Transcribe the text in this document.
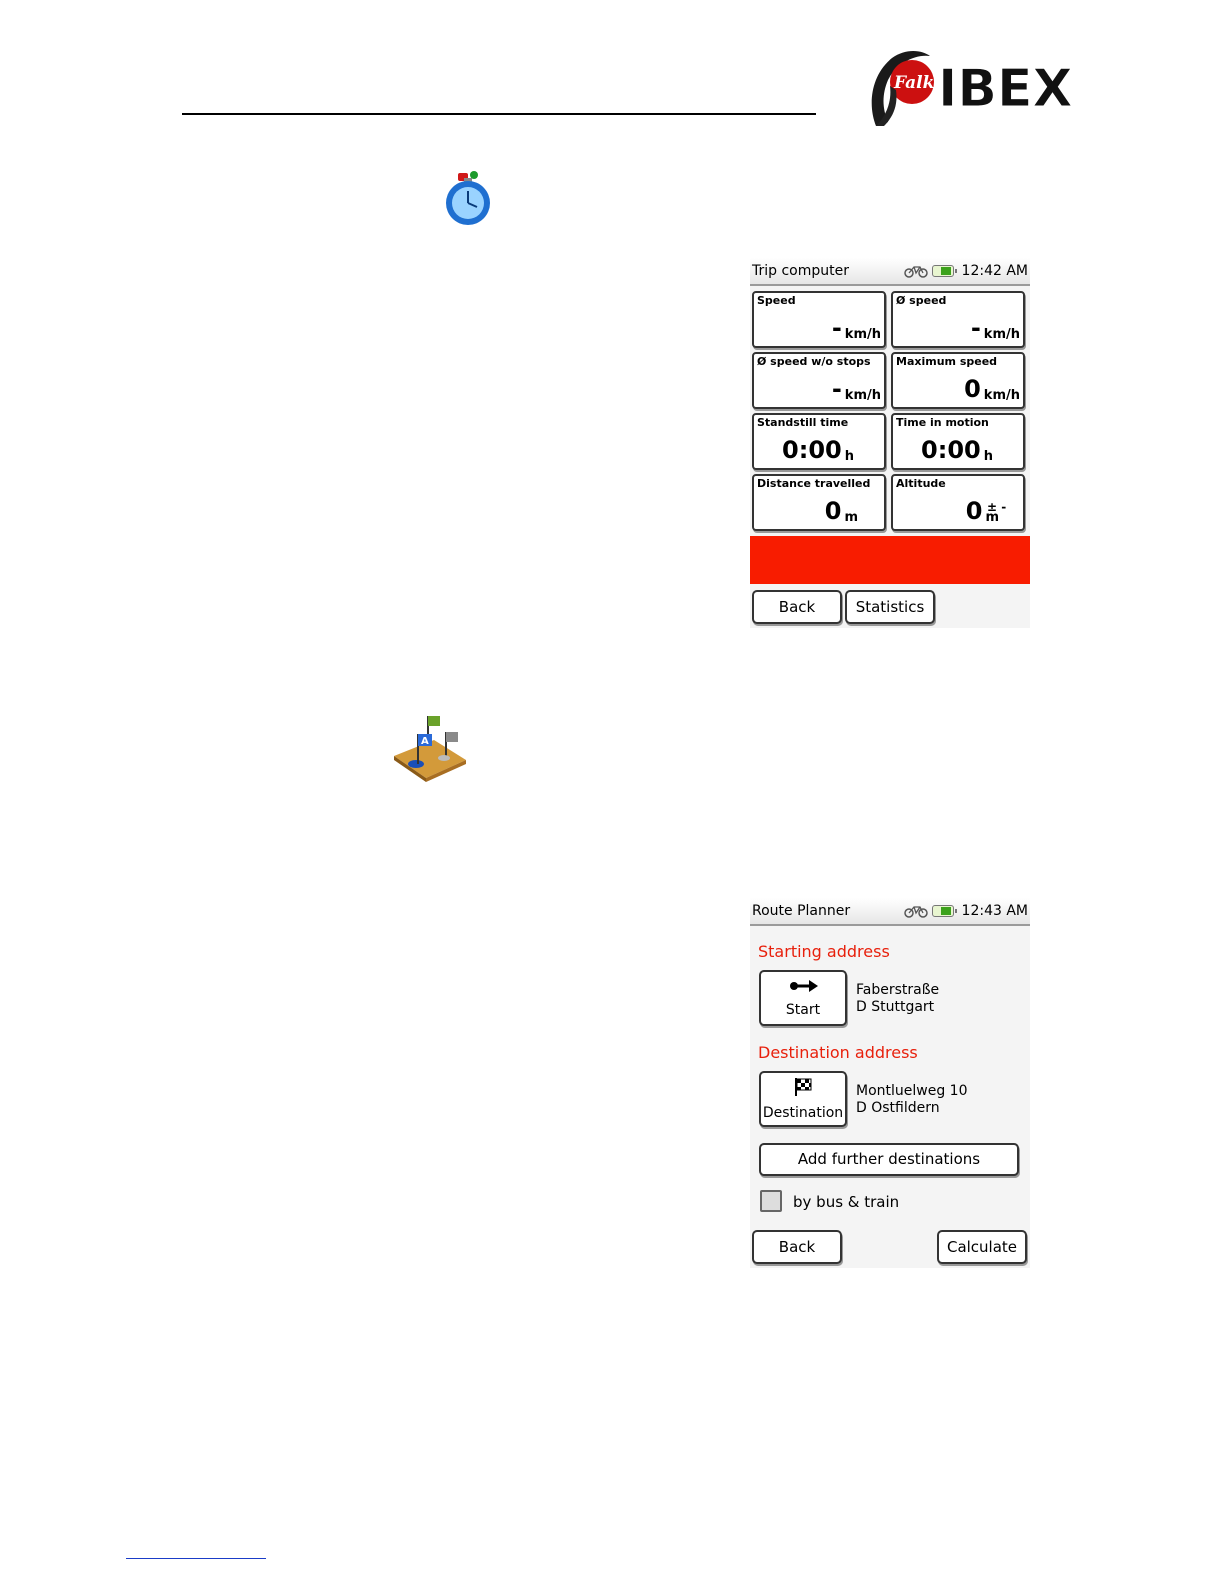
Falk IBEX
A
Trip computer	12:42 AM
Speed
- km/h
Ø speed
- km/h
Ø speed w/o stops
- km/h
Maximum speed
0 km/h
Standstill time
0:00 h
Time in motion
0:00 h
Distance travelled
0 m
Altitude
0 m
± -
Back	Statistics
Route Planner	12:43 AM
Starting address
Start
Faberstraße
D Stuttgart
Destination address
Destination
Montluelweg 10
D Ostfildern
Add further destinations
by bus & train
Back	Calculate
